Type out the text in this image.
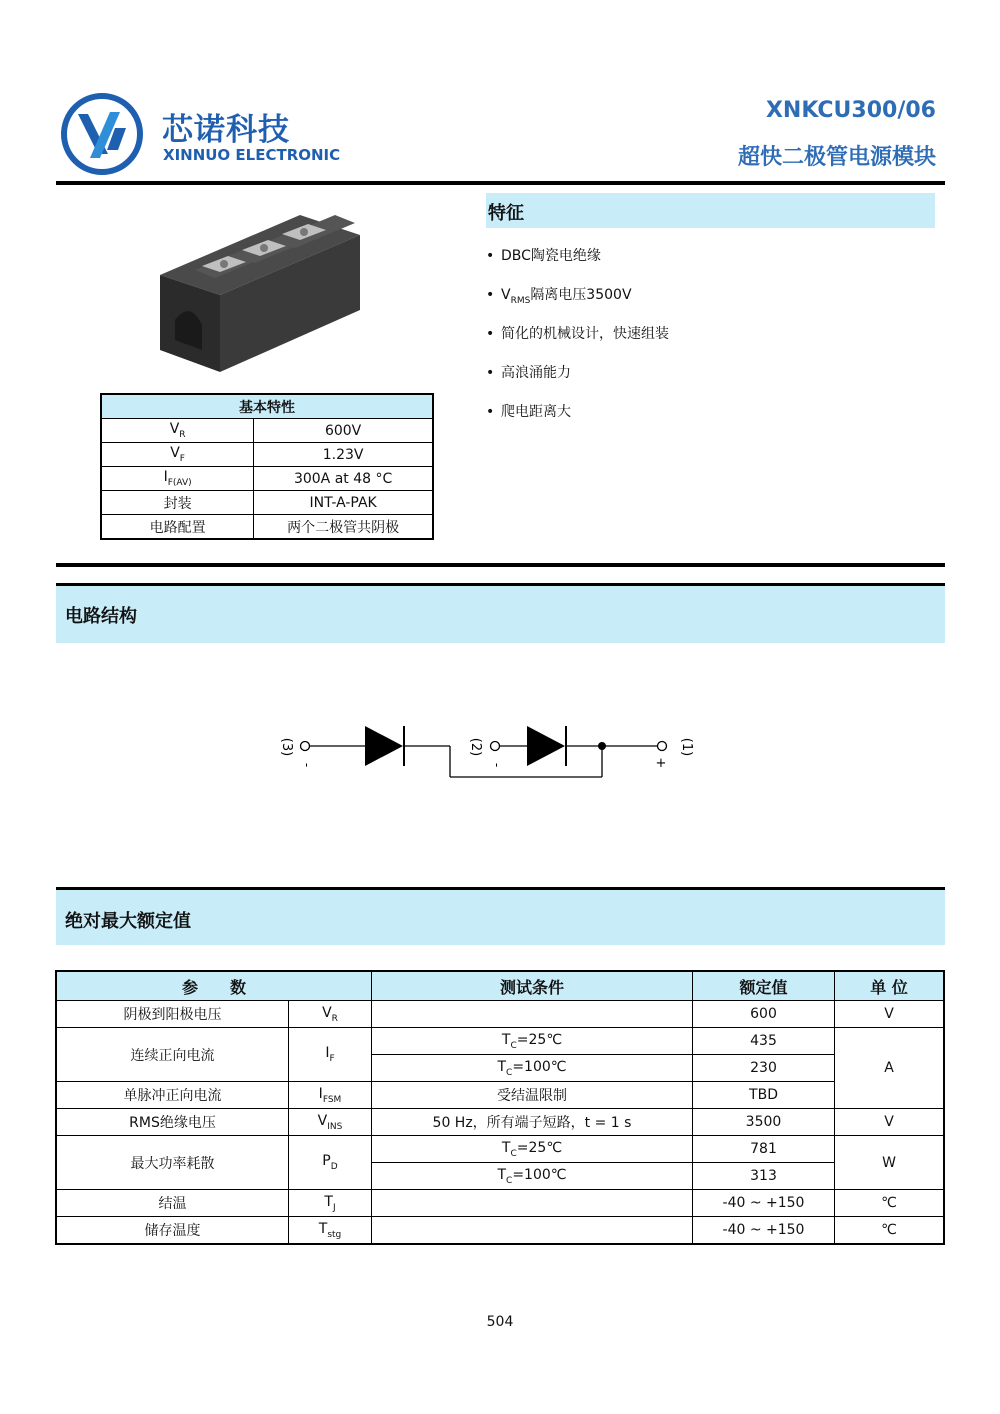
芯诺科技
XINNUO ELECTRONIC
XNKCU300/06
超快二极管电源模块
基本特性	
$V_R$	600V
$V_F$	1.23V
$I_{F(AV)}$	300A at 48 °C
封装	INT-A-PAK
电路配置	两个二极管共阴极
特征
• DBC陶瓷电绝缘
• $V_{RMS}$隔离电压3500V
• 简化的机械设计，快速组装
• 高浪涌能力
• 爬电距离大
电路结构
(3)
-
(2)
-	+
(1)
绝对最大额定值
参　　数		测试条件	额定值	单 位
阴极到阳极电压	$V_R$		600	V
连续正向电流	$I_F$	$T_C=25℃$	435	A
		$T_C=100℃$	230	
单脉冲正向电流	$I_{FSM}$	受结温限制	TBD	
RMS绝缘电压	$V_{INS}$	50 Hz，所有端子短路，t = 1 s	3500	V
最大功率耗散	$P_D$	$T_C=25℃$	781	W
		$T_C=100℃$	313	
结温	$T_J$		-40 ~ +150	℃
储存温度	$T_{stg}$		-40 ~ +150	℃
504
